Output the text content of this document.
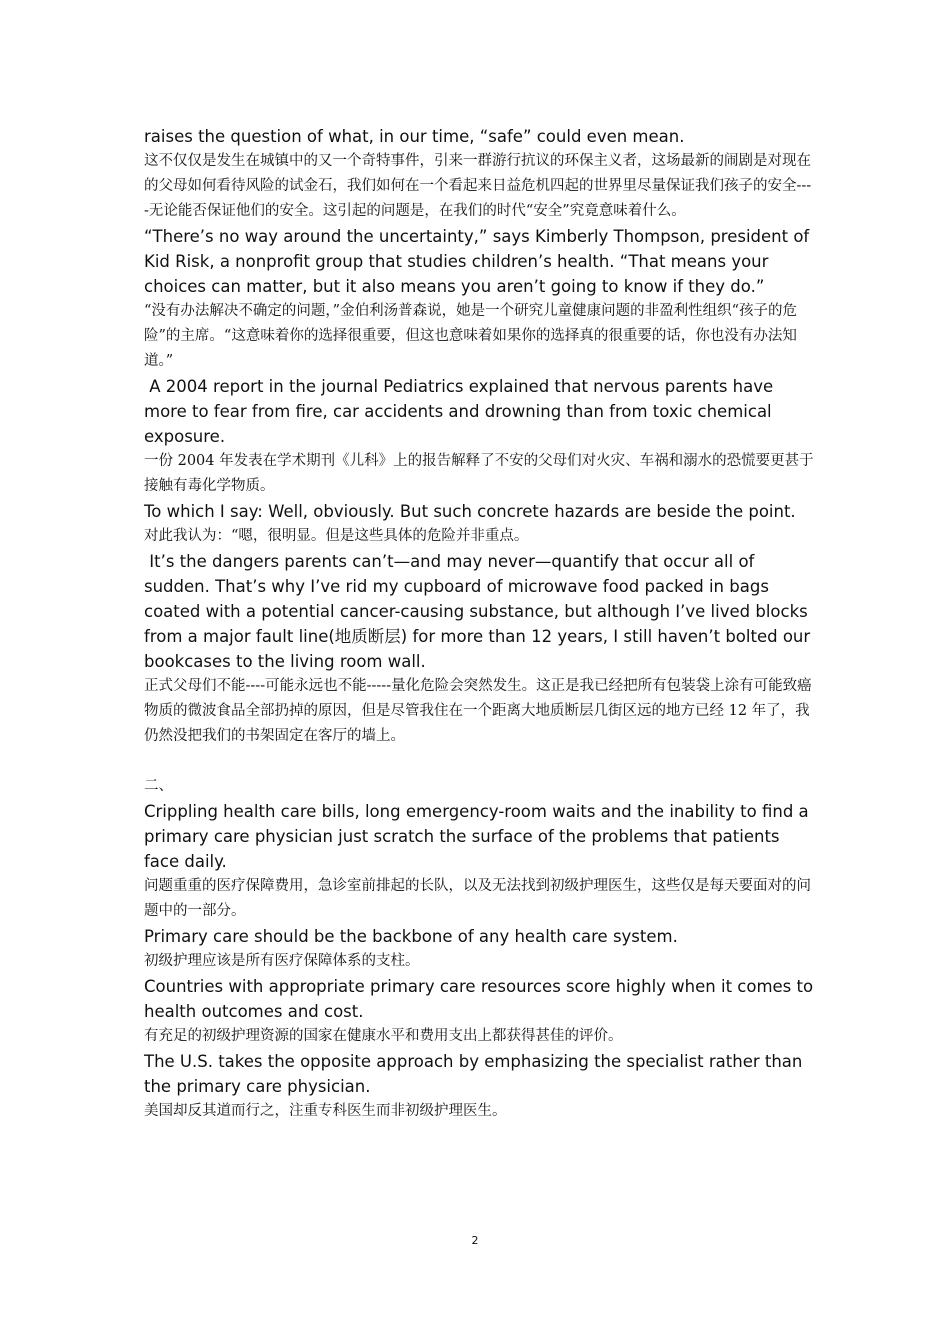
raises the question of what, in our time, “safe” could even mean.

这不仅仅是发生在城镇中的又一个奇特事件，引来一群游行抗议的环保主义者，这场最新的闹剧是对现在的父母如何看待风险的试金石，我们如何在一个看起来日益危机四起的世界里尽量保证我们孩子的安全----无论能否保证他们的安全。这引起的问题是，在我们的时代“安全”究竟意味着什么。

“There’s no way around the uncertainty,” says Kimberly Thompson, president of Kid Risk, a nonprofit group that studies children’s health. “That means your choices can matter, but it also means you aren’t going to know if they do.”

“没有办法解决不确定的问题，”金伯利汤普森说，她是一个研究儿童健康问题的非盈利性组织“孩子的危险”的主席。“这意味着你的选择很重要，但这也意味着如果你的选择真的很重要的话，你也没有办法知道。”

A 2004 report in the journal Pediatrics explained that nervous parents have more to fear from fire, car accidents and drowning than from toxic chemical exposure.

一份 2004 年发表在学术期刊《儿科》上的报告解释了不安的父母们对火灾、车祸和溺水的恐慌要更甚于接触有毒化学物质。

To which I say: Well, obviously. But such concrete hazards are beside the point.

对此我认为：“嗯，很明显。但是这些具体的危险并非重点。

It’s the dangers parents can’t—and may never—quantify that occur all of sudden. That’s why I’ve rid my cupboard of microwave food packed in bags coated with a potential cancer-causing substance, but although I’ve lived blocks from a major fault line(地质断层) for more than 12 years, I still haven’t bolted our bookcases to the living room wall.

正式父母们不能----可能永远也不能-----量化危险会突然发生。这正是我已经把所有包装袋上涂有可能致癌物质的微波食品全部扔掉的原因，但是尽管我住在一个距离大地质断层几街区远的地方已经 12 年了，我仍然没把我们的书架固定在客厅的墙上。

二、

Crippling health care bills, long emergency-room waits and the inability to find a primary care physician just scratch the surface of the problems that patients face daily.

问题重重的医疗保障费用，急诊室前排起的长队，以及无法找到初级护理医生，这些仅是每天要面对的问题中的一部分。

Primary care should be the backbone of any health care system.

初级护理应该是所有医疗保障体系的支柱。

Countries with appropriate primary care resources score highly when it comes to health outcomes and cost.

有充足的初级护理资源的国家在健康水平和费用支出上都获得甚佳的评价。

The U.S. takes the opposite approach by emphasizing the specialist rather than the primary care physician.

美国却反其道而行之，注重专科医生而非初级护理医生。

2
